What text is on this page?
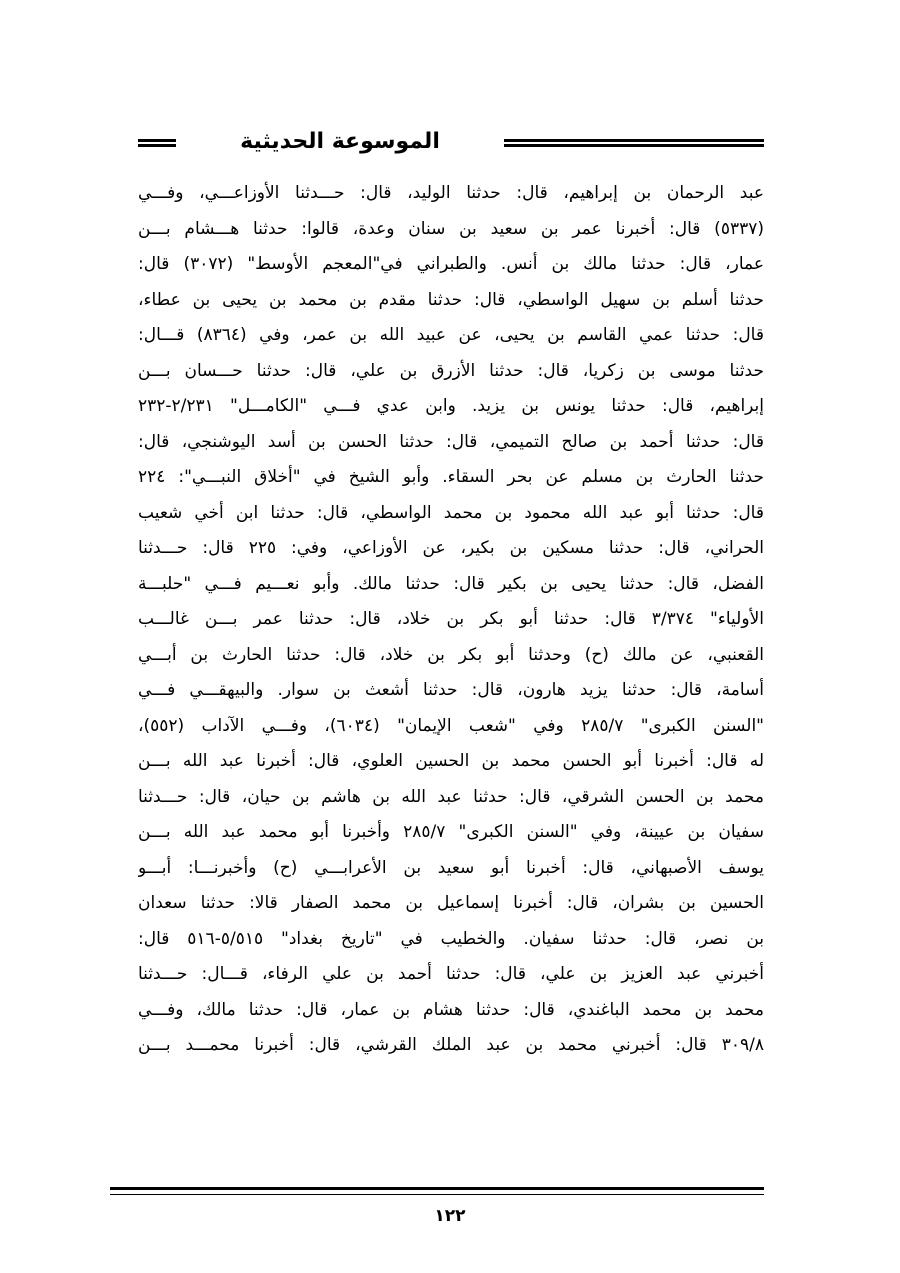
الموسوعة الحديثية
عبد الرحمان بن إبراهيم، قال: حدثنا الوليد، قال: حـــدثنا الأوزاعـــي، وفـــي
(٥٣٣٧) قال: أخبرنا عمر بن سعيد بن سنان وعدة، قالوا: حدثنا هـــشام بـــن
عمار، قال: حدثنا مالك بن أنس. والطبراني في"المعجم الأوسط" (٣٠٧٢) قال:
حدثنا أسلم بن سهيل الواسطي، قال: حدثنا مقدم بن محمد بن يحيى بن عطاء،
قال: حدثنا عمي القاسم بن يحيى، عن عبيد الله بن عمر، وفي (٨٣٦٤) قـــال:
حدثنا موسى بن زكريا، قال: حدثنا الأزرق بن علي، قال: حدثنا حـــسان بـــن
إبراهيم، قال: حدثنا يونس بن يزيد. وابن عدي فـــي "الكامـــل" ٢/٢٣١-٢٣٢
قال: حدثنا أحمد بن صالح التميمي، قال: حدثنا الحسن بن أسد اليوشنجي، قال:
حدثنا الحارث بن مسلم عن بحر السقاء. وأبو الشيخ في "أخلاق النبـــي": ٢٢٤
قال: حدثنا أبو عبد الله محمود بن محمد الواسطي، قال: حدثنا ابن أخي شعيب
الحراني، قال: حدثنا مسكين بن بكير، عن الأوزاعي، وفي: ٢٢٥ قال: حـــدثنا
الفضل، قال: حدثنا يحيى بن بكير قال: حدثنا مالك. وأبو نعـــيم فـــي "حلبـــة
الأولياء" ٣/٣٧٤ قال: حدثنا أبو بكر بن خلاد، قال: حدثنا عمر بـــن غالـــب
القعنبي، عن مالك (ح) وحدثنا أبو بكر بن خلاد، قال: حدثنا الحارث بن أبـــي
أسامة، قال: حدثنا يزيد هارون، قال: حدثنا أشعث بن سوار. والبيهقـــي فـــي
"السنن الكبرى" ٢٨٥/٧ وفي "شعب الإيمان" (٦٠٣٤)، وفـــي الآداب (٥٥٢)،
له قال: أخبرنا أبو الحسن محمد بن الحسين العلوي، قال: أخبرنا عبد الله بـــن
محمد بن الحسن الشرقي، قال: حدثنا عبد الله بن هاشم بن حيان، قال: حـــدثنا
سفيان بن عيينة، وفي "السنن الكبرى" ٢٨٥/٧ وأخبرنا أبو محمد عبد الله بـــن
يوسف الأصبهاني، قال: أخبرنا أبو سعيد بن الأعرابـــي (ح) وأخبرنـــا: أبـــو
الحسين بن بشران، قال: أخبرنا إسماعيل بن محمد الصفار قالا: حدثنا سعدان
بن نصر، قال: حدثنا سفيان. والخطيب في "تاريخ بغداد" ٥/٥١٥-٥١٦ قال:
أخبرني عبد العزيز بن علي، قال: حدثنا أحمد بن علي الرفاء، قـــال: حـــدثنا
محمد بن محمد الباغندي، قال: حدثنا هشام بن عمار، قال: حدثنا مالك، وفـــي
٣٠٩/٨ قال: أخبرني محمد بن عبد الملك القرشي، قال: أخبرنا محمـــد بـــن
١٢٢
